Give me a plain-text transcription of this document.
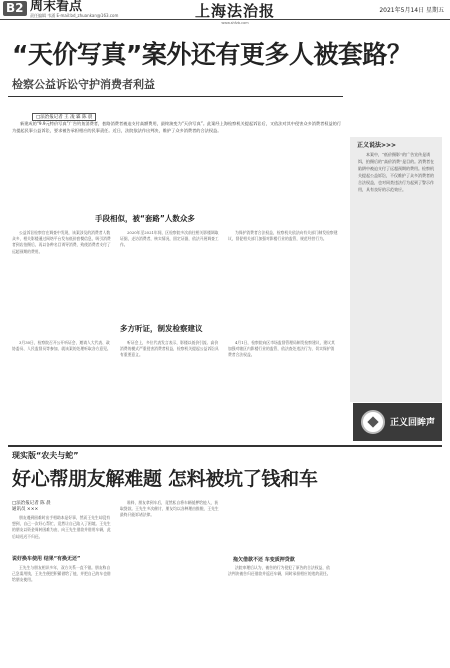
B2 周末看点
责任编辑 韦涌 E-mail:bd_zhuankan@163.com	上海法治报
www.shfzb.com
2021年5月14日 星期五
“天价写真”案外还有更多人被套路？
检察公益诉讼守护消费者利益
□法治报记者 王 凌 霖 陈 晨
新建成的“9.9元特价写真”广告钓鱼消费者，套路消费者被迫支付高额费用，最终演变为“天价写真”。此案经上海检察机关提起诉讼后，又依法对其中侵害众多消费者权益的行为提起民事公益诉讼，要求被告承担相应的民事责任。近日，法院依法作出判决，维护了众多消费者的合法权益。
手段相似，被“套路”人数众多
公益诉讼检察官在调查中发现，该案涉及的消费者人数众多，相关影楼通过网络平台发布低价套餐信息，吸引消费者到店拍摄后，再以各种名目诱导消费，致使消费者支付了远超预期的费用。
2020年至2021年间，区检察院多次前往相关影楼调取证据，走访消费者，核实情况，固定证据，依法开展调查工作。
为保护消费者合法权益，检察机关依法向有关部门制发检察建议，督促相关部门加强对影楼行业的监管，规范经营行为。
多方听证，制发检察建议
3月30日，检察院召开公开听证会，邀请人大代表、政协委员、人民监督员等参加，就该案的处理听取各方意见。
听证会上，多位代表发言表示，影楼以低价引流、高价消费的模式严重侵害消费者权益，检察机关提起公益诉讼具有重要意义。
4月1日，检察院向区市场监督管理局制发检察建议，建议其加强对辖区内影楼行业的监管，依法查处违法行为，切实保护消费者合法权益。
正义说法>>>
本案中，“低价摄影”的广告宣传是诱饵，拍摄后的“高价消费”是目的。消费者在陷阱中被迫支付了远超预期的费用。检察机关提起公益诉讼，不仅维护了众多消费者的合法权益，也对同类违法行为起到了警示作用，具有良好的示范效应。
正义回眸声
现实版“农夫与蛇”
好心帮朋友解难题 怎料被坑了钱和车
□法治报记者 陈 晨
通讯员 ×××
说好换车使用 结果“有换无还”
朋友遇到困难时出手相助本是好事，然而王先生却没有想到，自己一次好心帮忙，竟然让自己陷入了困境。王先生的朋友以资金周转困难为由，向王先生借款并借用车辆，此后却迟迟不归还。
王先生与朋友相识多年，双方关系一直不错。朋友称自己急需用钱，王先生便把积蓄借给了他，并把自己的车也借给朋友使用。
谁料，朋友拿到车后，竟然私自将车辆抵押给他人，获取贷款。王先生多次催讨，朋友均以各种理由推脱，王先生最终只能诉诸法律。
拖欠借款不还 车变质押贷款
法院审理后认为，被告的行为侵犯了原告的合法权益，依法判决被告归还借款并返还车辆，同时承担相应的违约责任。
